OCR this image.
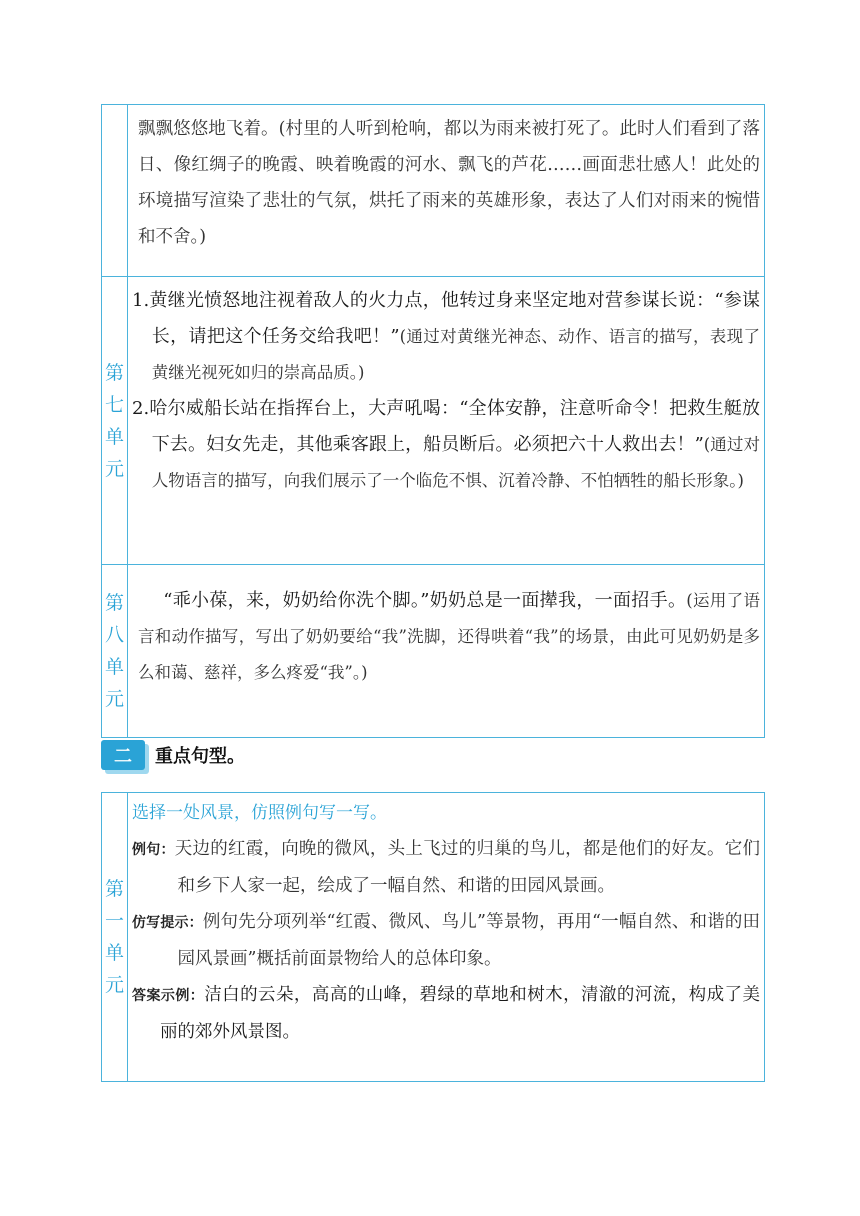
飘飘悠悠地飞着。(村里的人听到枪响，都以为雨来被打死了。此时人们看到了落日、像红绸子的晚霞、映着晚霞的河水、飘飞的芦花……画面悲壮感人！此处的环境描写渲染了悲壮的气氛，烘托了雨来的英雄形象，表达了人们对雨来的惋惜和不舍。)

第
七
单
元

1.黄继光愤怒地注视着敌人的火力点，他转过身来坚定地对营参谋长说：“参谋长，请把这个任务交给我吧！”(通过对黄继光神态、动作、语言的描写，表现了黄继光视死如归的崇高品质。)

2.哈尔威船长站在指挥台上，大声吼喝：“全体安静，注意听命令！把救生艇放下去。妇女先走，其他乘客跟上，船员断后。必须把六十人救出去！”(通过对人物语言的描写，向我们展示了一个临危不惧、沉着冷静、不怕牺牲的船长形象。)

第
八
单
元

“乖小葆，来，奶奶给你洗个脚。”奶奶总是一面撵我，一面招手。(运用了语言和动作描写，写出了奶奶要给“我”洗脚，还得哄着“我”的场景，由此可见奶奶是多么和蔼、慈祥，多么疼爱“我”。)

二	重点句型。
第
一
单
元

选择一处风景，仿照例句写一写。

例句：天边的红霞，向晚的微风，头上飞过的归巢的鸟儿，都是他们的好友。它们和乡下人家一起，绘成了一幅自然、和谐的田园风景画。

仿写提示：例句先分项列举“红霞、微风、鸟儿”等景物，再用“一幅自然、和谐的田园风景画”概括前面景物给人的总体印象。

答案示例：洁白的云朵，高高的山峰，碧绿的草地和树木，清澈的河流，构成了美丽的郊外风景图。
